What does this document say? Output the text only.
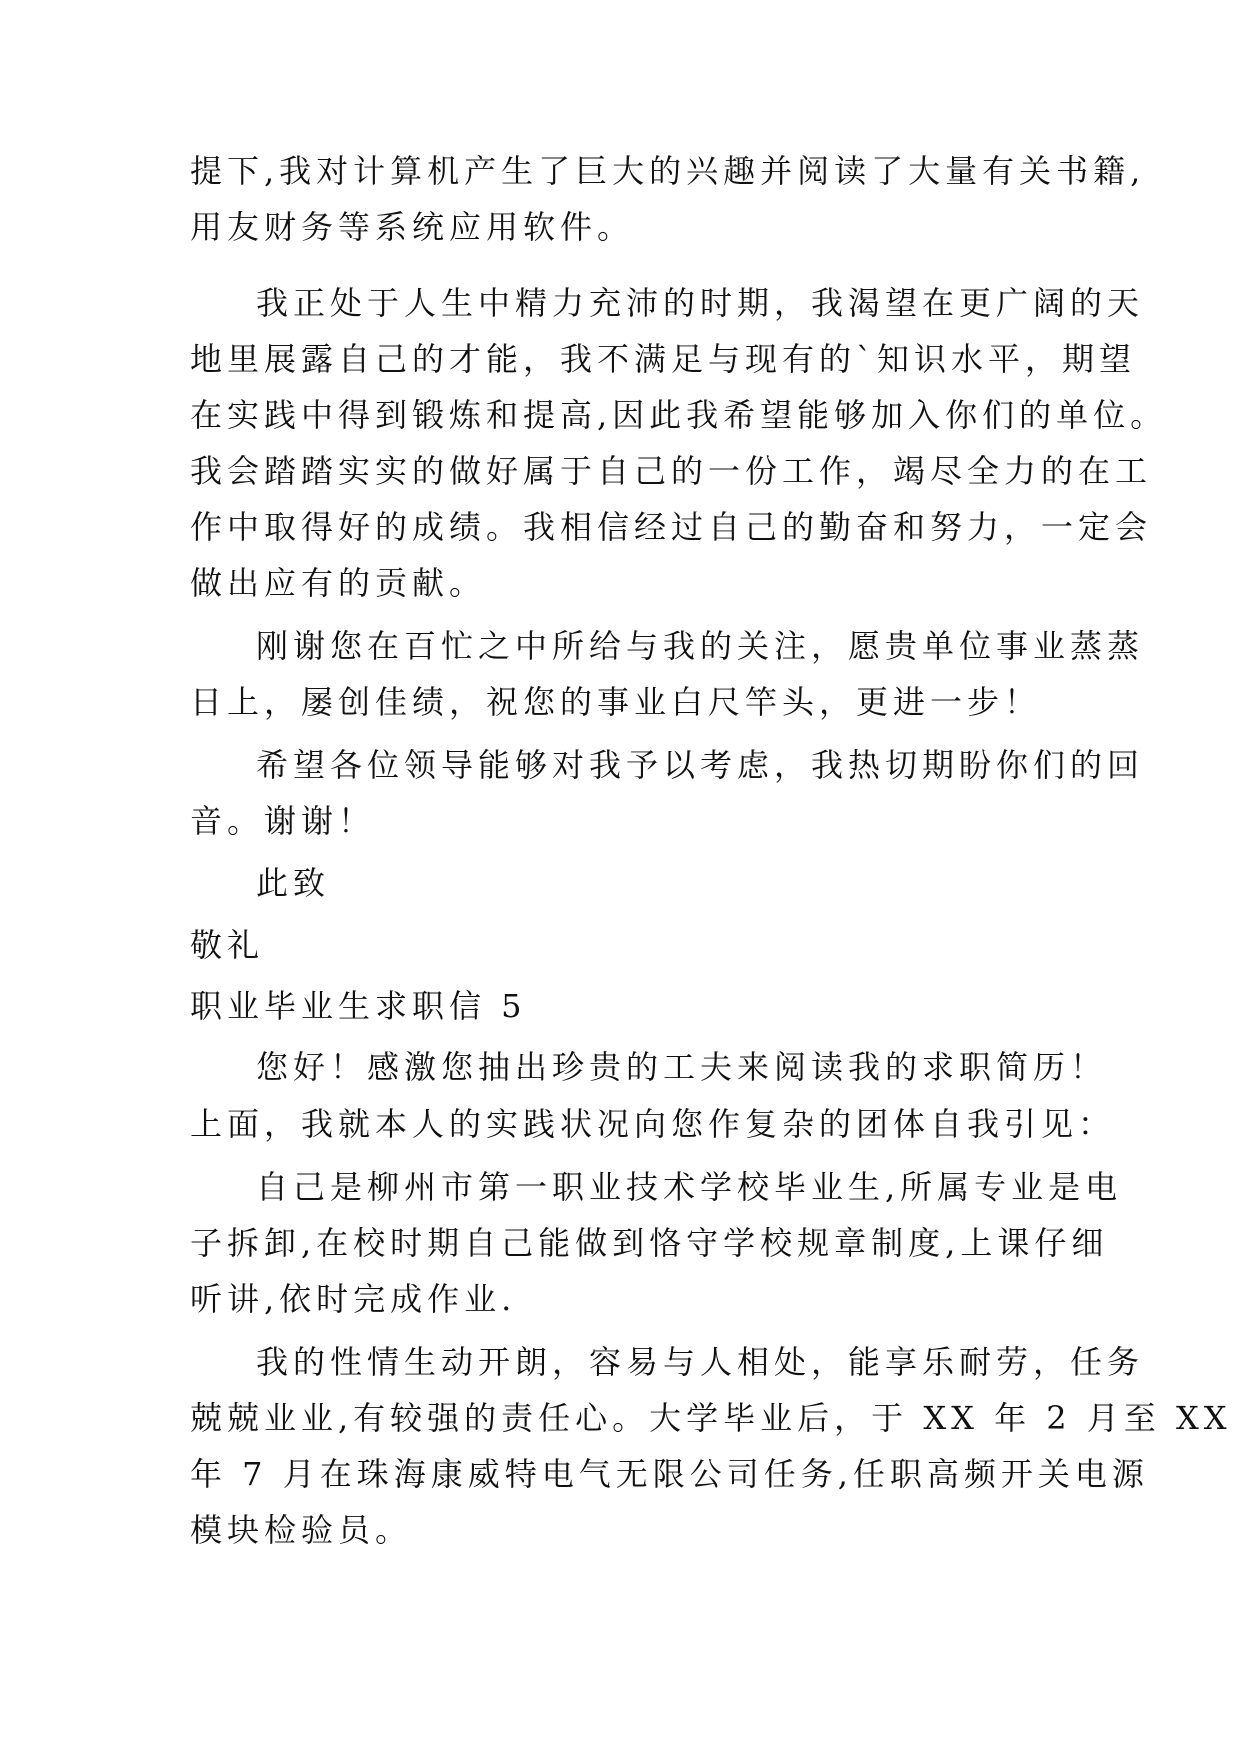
提下,我对计算机产生了巨大的兴趣并阅读了大量有关书籍,
用友财务等系统应用软件。
我正处于人生中精力充沛的时期，我渴望在更广阔的天
地里展露自己的才能，我不满足与现有的`知识水平，期望
在实践中得到锻炼和提高,因此我希望能够加入你们的单位。
我会踏踏实实的做好属于自己的一份工作，竭尽全力的在工
作中取得好的成绩。我相信经过自己的勤奋和努力，一定会
做出应有的贡献。
刚谢您在百忙之中所给与我的关注，愿贵单位事业蒸蒸
日上，屡创佳绩，祝您的事业白尺竿头，更进一步！
希望各位领导能够对我予以考虑，我热切期盼你们的回
音。谢谢！
此致
敬礼
职业毕业生求职信 5
您好！感激您抽出珍贵的工夫来阅读我的求职简历！
上面，我就本人的实践状况向您作复杂的团体自我引见：
自己是柳州市第一职业技术学校毕业生,所属专业是电
子拆卸,在校时期自己能做到恪守学校规章制度,上课仔细
听讲,依时完成作业.
我的性情生动开朗，容易与人相处，能享乐耐劳，任务
兢兢业业,有较强的责任心。大学毕业后，于 XX 年 2 月至 XX
年 7 月在珠海康威特电气无限公司任务,任职高频开关电源
模块检验员。
